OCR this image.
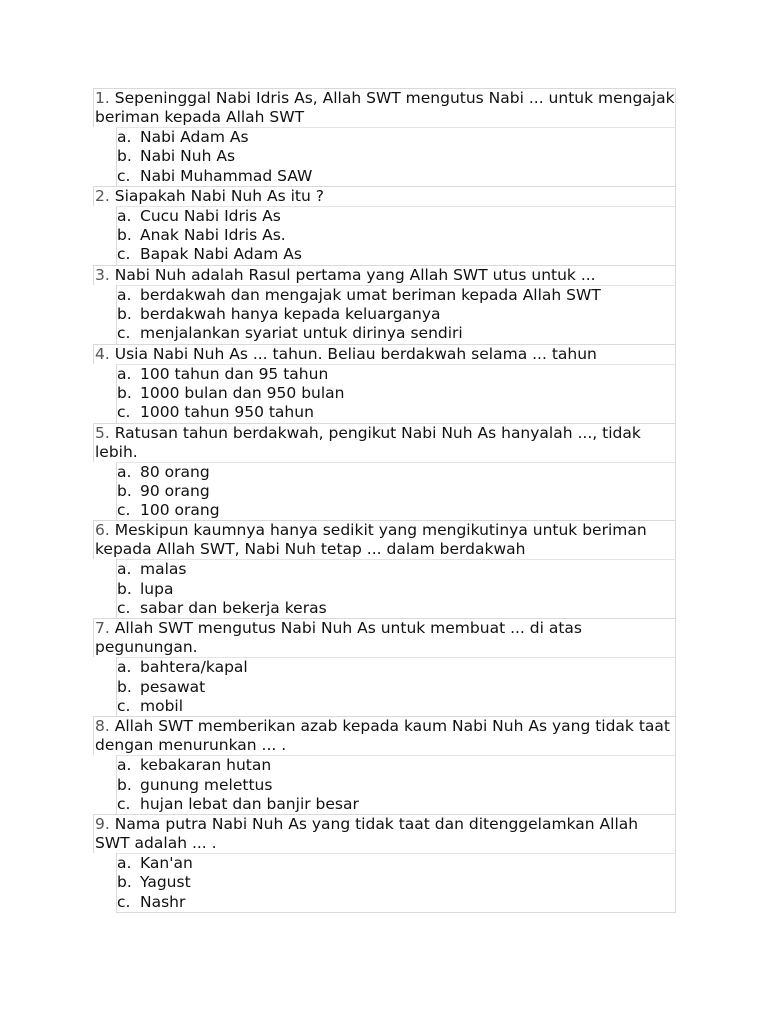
1. Sepeninggal Nabi Idris As, Allah SWT mengutus Nabi ... untuk mengajak beriman kepada Allah SWT
a. Nabi Adam As
b. Nabi Nuh As
c. Nabi Muhammad SAW
2. Siapakah Nabi Nuh As itu ?
a. Cucu Nabi Idris As
b. Anak Nabi Idris As.
c. Bapak Nabi Adam As
3. Nabi Nuh adalah Rasul pertama yang Allah SWT utus untuk ...
a. berdakwah dan mengajak umat beriman kepada Allah SWT
b. berdakwah hanya kepada keluarganya
c. menjalankan syariat untuk dirinya sendiri
4. Usia Nabi Nuh As ... tahun. Beliau berdakwah selama ... tahun
a. 100 tahun dan 95 tahun
b. 1000 bulan dan 950 bulan
c. 1000 tahun 950 tahun
5. Ratusan tahun berdakwah, pengikut Nabi Nuh As hanyalah ..., tidak lebih.
a. 80 orang
b. 90 orang
c. 100 orang
6. Meskipun kaumnya hanya sedikit yang mengikutinya untuk beriman kepada Allah SWT, Nabi Nuh tetap ... dalam berdakwah
a. malas
b. lupa
c. sabar dan bekerja keras
7. Allah SWT mengutus Nabi Nuh As untuk membuat ... di atas pegunungan.
a. bahtera/kapal
b. pesawat
c. mobil
8. Allah SWT memberikan azab kepada kaum Nabi Nuh As yang tidak taat dengan menurunkan ... .
a. kebakaran hutan
b. gunung melettus
c. hujan lebat dan banjir besar
9. Nama putra Nabi Nuh As yang tidak taat dan ditenggelamkan Allah SWT adalah ... .
a. Kan'an
b. Yagust
c. Nashr
